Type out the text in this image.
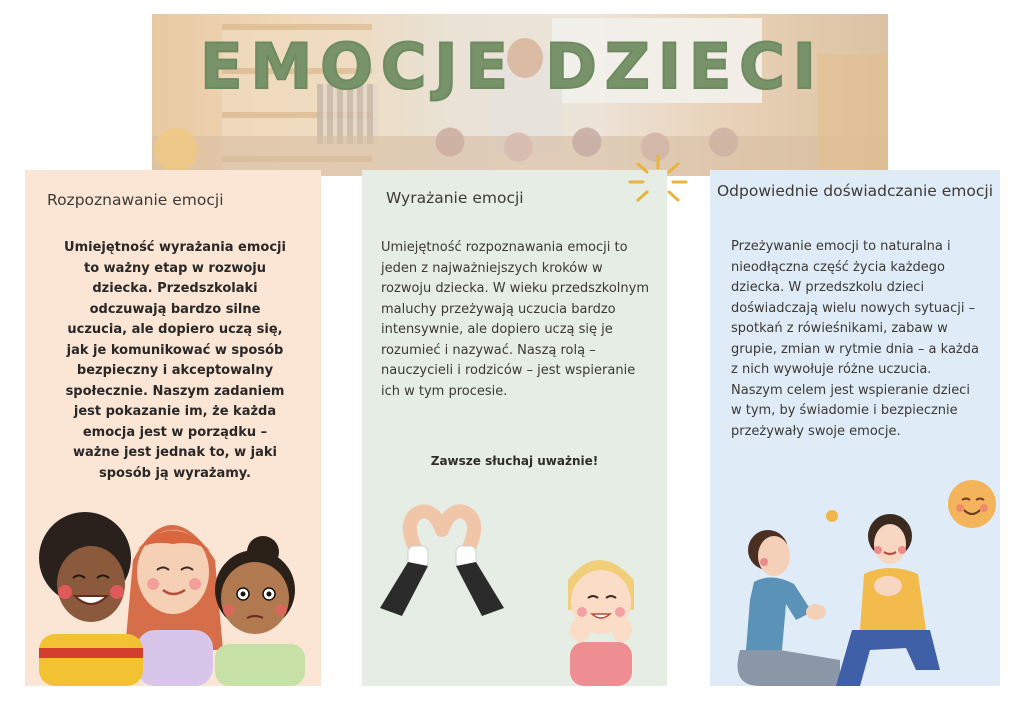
EMOCJE DZIECI
Rozpoznawanie emocji

Umiejętność wyrażania emocji to ważny etap w rozwoju dziecka. Przedszkolaki odczuwają bardzo silne uczucia, ale dopiero uczą się, jak je komunikować w sposób bezpieczny i akceptowalny społecznie. Naszym zadaniem jest pokazanie im, że każda emocja jest w porządku – ważne jest jednak to, w jaki sposób ją wyrażamy.

Wyrażanie emocji

Umiejętność rozpoznawania emocji to jeden z najważniejszych kroków w rozwoju dziecka. W wieku przedszkolnym maluchy przeżywają uczucia bardzo intensywnie, ale dopiero uczą się je rozumieć i nazywać. Naszą rolą – nauczycieli i rodziców – jest wspieranie ich w tym procesie.

Zawsze słuchaj uważnie!
Odpowiednie doświadczanie emocji

Przeżywanie emocji to naturalna i nieodłączna część życia każdego dziecka. W przedszkolu dzieci doświadczają wielu nowych sytuacji – spotkań z rówieśnikami, zabaw w grupie, zmian w rytmie dnia – a każda z nich wywołuje różne uczucia. Naszym celem jest wspieranie dzieci w tym, by świadomie i bezpiecznie przeżywały swoje emocje.
